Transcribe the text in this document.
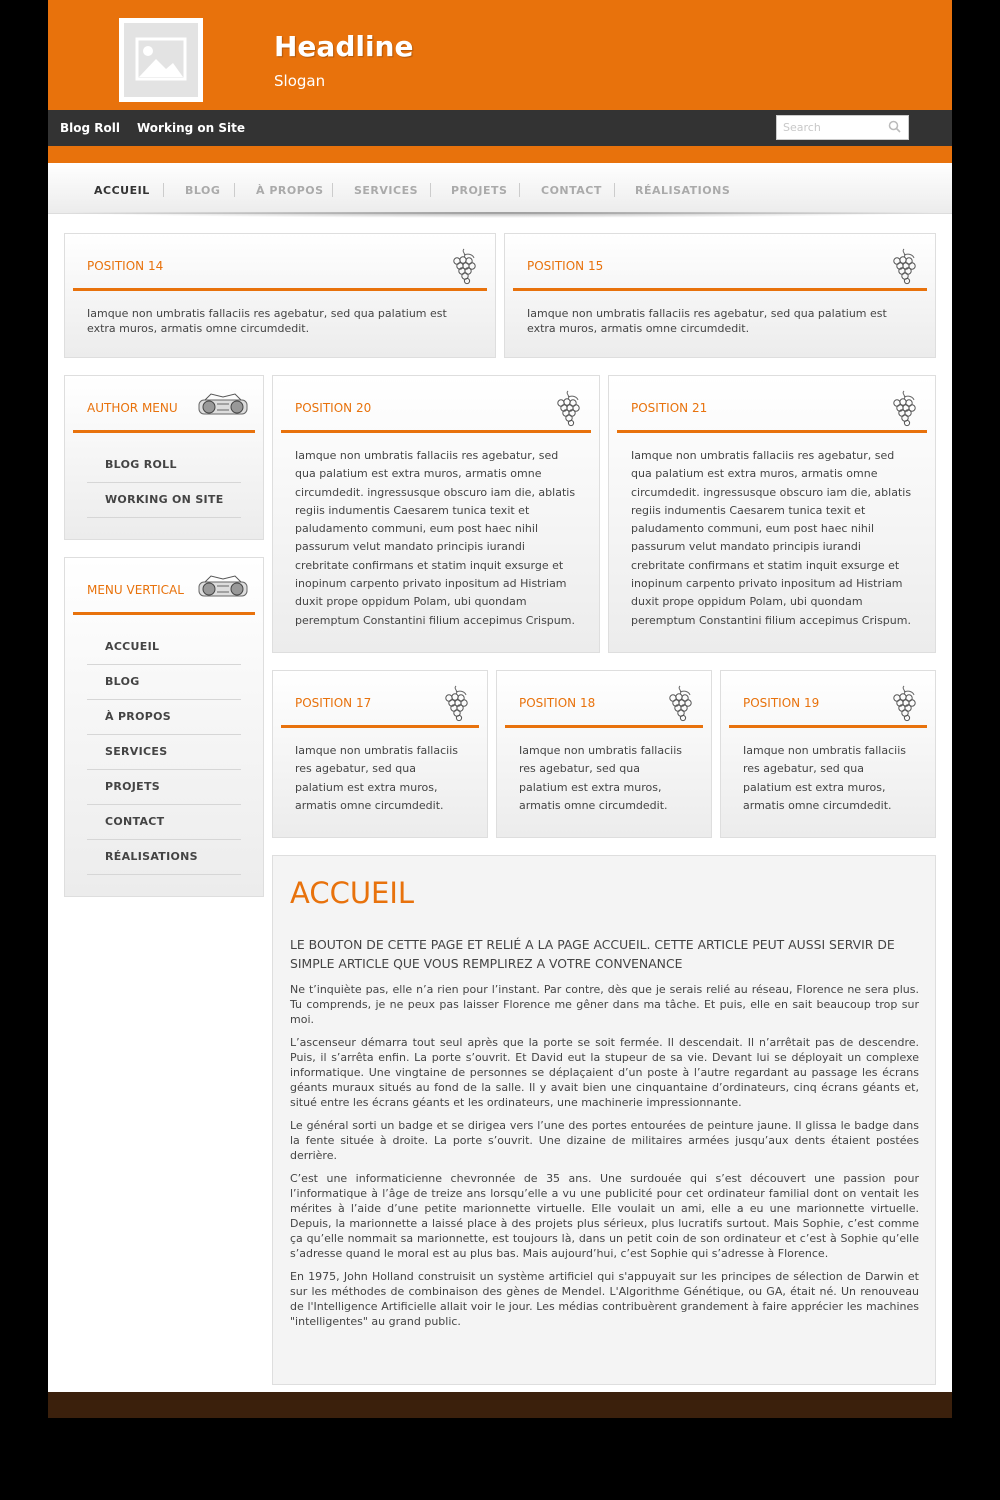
Headline
Slogan
Blog Roll Working on Site
Search
ACCUEIL	BLOG	À PROPOS	SERVICES	PROJETS	CONTACT	RÉALISATIONS
POSITION 14
Iamque non umbratis fallaciis res agebatur, sed qua palatium est extra muros, armatis omne circumdedit.
POSITION 15
Iamque non umbratis fallaciis res agebatur, sed qua palatium est extra muros, armatis omne circumdedit.
AUTHOR MENU
BLOG ROLL
WORKING ON SITE
MENU VERTICAL
ACCUEIL
BLOG
À PROPOS
SERVICES
PROJETS
CONTACT
RÉALISATIONS
POSITION 20
Iamque non umbratis fallaciis res agebatur, sed qua palatium est extra muros, armatis omne circumdedit. ingressusque obscuro iam die, ablatis regiis indumentis Caesarem tunica texit et paludamento communi, eum post haec nihil passurum velut mandato principis iurandi crebritate confirmans et statim inquit exsurge et inopinum carpento privato inpositum ad Histriam duxit prope oppidum Polam, ubi quondam peremptum Constantini filium accepimus Crispum.
POSITION 21
Iamque non umbratis fallaciis res agebatur, sed qua palatium est extra muros, armatis omne circumdedit. ingressusque obscuro iam die, ablatis regiis indumentis Caesarem tunica texit et paludamento communi, eum post haec nihil passurum velut mandato principis iurandi crebritate confirmans et statim inquit exsurge et inopinum carpento privato inpositum ad Histriam duxit prope oppidum Polam, ubi quondam peremptum Constantini filium accepimus Crispum.
POSITION 17
Iamque non umbratis fallaciis res agebatur, sed qua palatium est extra muros, armatis omne circumdedit.
POSITION 18
Iamque non umbratis fallaciis res agebatur, sed qua palatium est extra muros, armatis omne circumdedit.
POSITION 19
Iamque non umbratis fallaciis res agebatur, sed qua palatium est extra muros, armatis omne circumdedit.
ACCUEIL
LE BOUTON DE CETTE PAGE ET RELIÉ A LA PAGE ACCUEIL. CETTE ARTICLE PEUT AUSSI SERVIR DE SIMPLE ARTICLE QUE VOUS REMPLIREZ A VOTRE CONVENANCE
Ne t’inquiète pas, elle n’a rien pour l’instant. Par contre, dès que je serais relié au réseau, Florence ne sera plus. Tu comprends, je ne peux pas laisser Florence me gêner dans ma tâche. Et puis, elle en sait beaucoup trop sur moi.
L’ascenseur démarra tout seul après que la porte se soit fermée. Il descendait. Il n’arrêtait pas de descendre. Puis, il s’arrêta enfin. La porte s’ouvrit. Et David eut la stupeur de sa vie. Devant lui se déployait un complexe informatique. Une vingtaine de personnes se déplaçaient d’un poste à l’autre regardant au passage les écrans géants muraux situés au fond de la salle. Il y avait bien une cinquantaine d’ordinateurs, cinq écrans géants et, situé entre les écrans géants et les ordinateurs, une machinerie impressionnante.
Le général sorti un badge et se dirigea vers l’une des portes entourées de peinture jaune. Il glissa le badge dans la fente située à droite. La porte s’ouvrit. Une dizaine de militaires armées jusqu’aux dents étaient postées derrière.
C’est une informaticienne chevronnée de 35 ans. Une surdouée qui s’est découvert une passion pour l’informatique à l’âge de treize ans lorsqu’elle a vu une publicité pour cet ordinateur familial dont on ventait les mérites à l’aide d’une petite marionnette virtuelle. Elle voulait un ami, elle a eu une marionnette virtuelle. Depuis, la marionnette a laissé place à des projets plus sérieux, plus lucratifs surtout. Mais Sophie, c’est comme ça qu’elle nommait sa marionnette, est toujours là, dans un petit coin de son ordinateur et c’est à Sophie qu’elle s’adresse quand le moral est au plus bas. Mais aujourd’hui, c’est Sophie qui s’adresse à Florence.
En 1975, John Holland construisit un système artificiel qui s'appuyait sur les principes de sélection de Darwin et sur les méthodes de combinaison des gènes de Mendel. L'Algorithme Génétique, ou GA, était né. Un renouveau de l'Intelligence Artificielle allait voir le jour. Les médias contribuèrent grandement à faire apprécier les machines "intelligentes" au grand public.
